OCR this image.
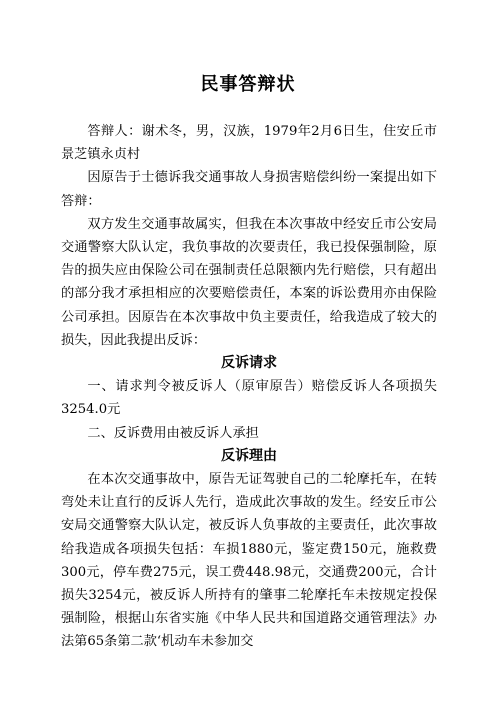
民事答辩状

答辩人：谢术冬，男，汉族，1979年2月6日生，住安丘市景芝镇永贞村

因原告于士德诉我交通事故人身损害赔偿纠纷一案提出如下答辩：

双方发生交通事故属实，但我在本次事故中经安丘市公安局交通警察大队认定，我负事故的次要责任，我已投保强制险，原告的损失应由保险公司在强制责任总限额内先行赔偿，只有超出的部分我才承担相应的次要赔偿责任，本案的诉讼费用亦由保险公司承担。因原告在本次事故中负主要责任，给我造成了较大的损失，因此我提出反诉：

反诉请求

一、请求判令被反诉人（原审原告）赔偿反诉人各项损失3254.0元

二、反诉费用由被反诉人承担

反诉理由

在本次交通事故中，原告无证驾驶自己的二轮摩托车，在转弯处未让直行的反诉人先行，造成此次事故的发生。经安丘市公安局交通警察大队认定，被反诉人负事故的主要责任，此次事故给我造成各项损失包括：车损1880元，鉴定费150元，施救费300元，停车费275元，误工费448.98元，交通费200元，合计损失3254元，被反诉人所持有的肇事二轮摩托车未按规定投保强制险，根据山东省实施《中华人民共和国道路交通管理法》办法第65条第二款‘机动车未参加交
